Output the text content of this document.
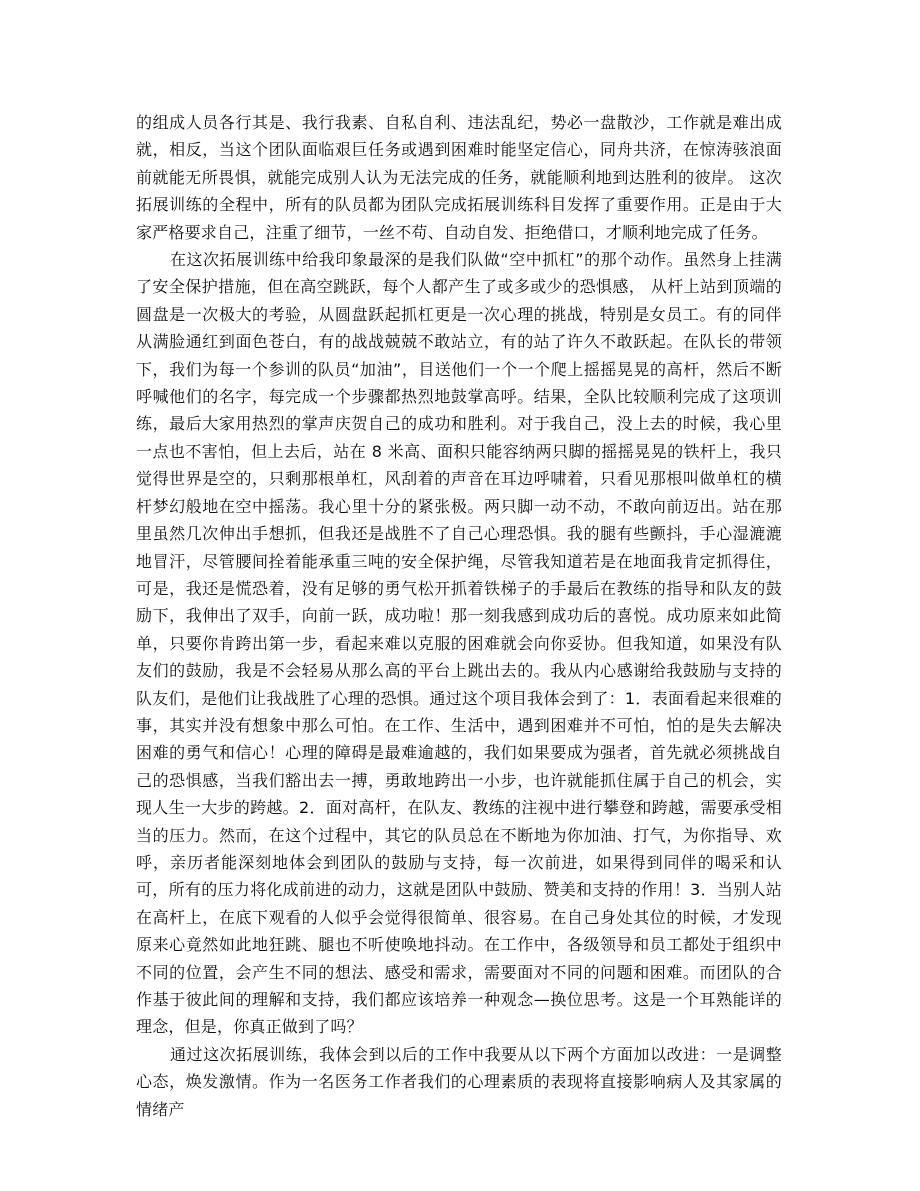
的组成人员各行其是、我行我素、自私自利、违法乱纪，势必一盘散沙，工作就是难出成就，相反，当这个团队面临艰巨任务或遇到困难时能坚定信心，同舟共济，在惊涛骇浪面前就能无所畏惧，就能完成别人认为无法完成的任务，就能顺利地到达胜利的彼岸。 这次拓展训练的全程中，所有的队员都为团队完成拓展训练科目发挥了重要作用。正是由于大家严格要求自己，注重了细节，一丝不苟、自动自发、拒绝借口，才顺利地完成了任务。

在这次拓展训练中给我印象最深的是我们队做“空中抓杠”的那个动作。虽然身上挂满了安全保护措施，但在高空跳跃，每个人都产生了或多或少的恐惧感， 从杆上站到顶端的圆盘是一次极大的考验，从圆盘跃起抓杠更是一次心理的挑战，特别是女员工。有的同伴从满脸通红到面色苍白，有的战战兢兢不敢站立，有的站了许久不敢跃起。在队长的带领下，我们为每一个参训的队员“加油”，目送他们一个一个爬上摇摇晃晃的高杆，然后不断呼喊他们的名字，每完成一个步骤都热烈地鼓掌高呼。结果，全队比较顺利完成了这项训练，最后大家用热烈的掌声庆贺自己的成功和胜利。对于我自己，没上去的时候，我心里一点也不害怕，但上去后，站在 8 米高、面积只能容纳两只脚的摇摇晃晃的铁杆上，我只觉得世界是空的，只剩那根单杠，风刮着的声音在耳边呼啸着，只看见那根叫做单杠的横杆梦幻般地在空中摇荡。我心里十分的紧张极。两只脚一动不动，不敢向前迈出。站在那里虽然几次伸出手想抓，但我还是战胜不了自己心理恐惧。我的腿有些颤抖，手心湿漉漉地冒汗，尽管腰间拴着能承重三吨的安全保护绳，尽管我知道若是在地面我肯定抓得住，可是，我还是慌恐着，没有足够的勇气松开抓着铁梯子的手最后在教练的指导和队友的鼓励下，我伸出了双手，向前一跃，成功啦！那一刻我感到成功后的喜悦。成功原来如此简单，只要你肯跨出第一步，看起来难以克服的困难就会向你妥协。但我知道，如果没有队友们的鼓励，我是不会轻易从那么高的平台上跳出去的。我从内心感谢给我鼓励与支持的队友们，是他们让我战胜了心理的恐惧。通过这个项目我体会到了：1．表面看起来很难的事，其实并没有想象中那么可怕。在工作、生活中，遇到困难并不可怕，怕的是失去解决困难的勇气和信心！心理的障碍是最难逾越的，我们如果要成为强者，首先就必须挑战自己的恐惧感，当我们豁出去一搏，勇敢地跨出一小步，也许就能抓住属于自己的机会，实现人生一大步的跨越。2．面对高杆，在队友、教练的注视中进行攀登和跨越，需要承受相当的压力。然而，在这个过程中，其它的队员总在不断地为你加油、打气，为你指导、欢呼，亲历者能深刻地体会到团队的鼓励与支持，每一次前进，如果得到同伴的喝采和认可，所有的压力将化成前进的动力，这就是团队中鼓励、赞美和支持的作用！3．当别人站在高杆上，在底下观看的人似乎会觉得很简单、很容易。在自己身处其位的时候，才发现原来心竟然如此地狂跳、腿也不听使唤地抖动。在工作中，各级领导和员工都处于组织中不同的位置，会产生不同的想法、感受和需求，需要面对不同的问题和困难。而团队的合作基于彼此间的理解和支持，我们都应该培养一种观念—换位思考。这是一个耳熟能详的理念，但是，你真正做到了吗？

通过这次拓展训练，我体会到以后的工作中我要从以下两个方面加以改进：一是调整心态，焕发激情。作为一名医务工作者我们的心理素质的表现将直接影响病人及其家属的情绪产
